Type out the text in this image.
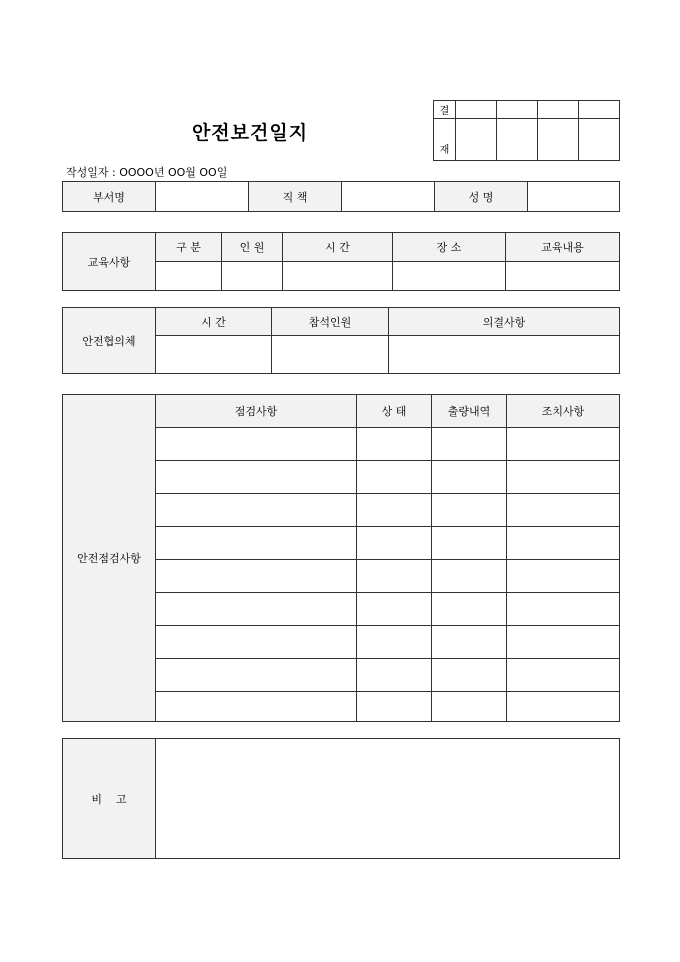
안전보건일지
작성일자 : OOOO년 OO월 OO일
결				
재				
부서명		직 책		성 명	
교육사항	구 분	인 원	시 간	장 소	교육내용

안전협의체	시 간	참석인원	의결사항

안전점검사항	점검사항	상 태	출량내역	조치사항

비    고	
